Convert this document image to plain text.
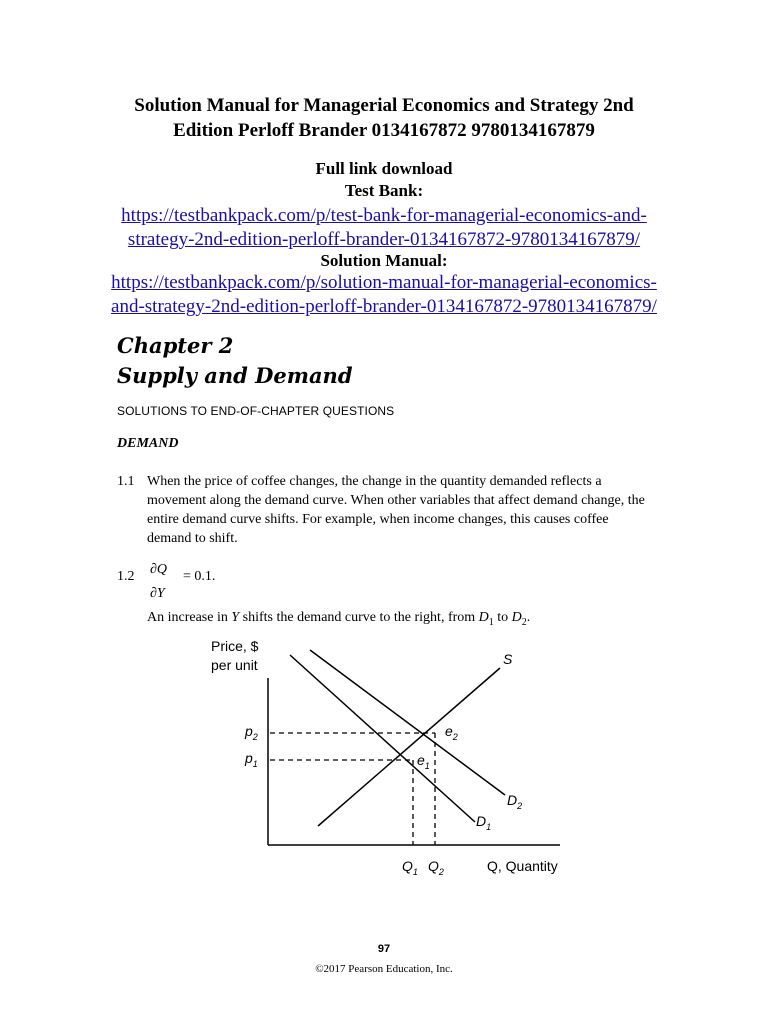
Solution Manual for Managerial Economics and Strategy 2nd
Edition Perloff Brander 0134167872 9780134167879
Full link download
Test Bank:
https://testbankpack.com/p/test-bank-for-managerial-economics-and-
strategy-2nd-edition-perloff-brander-0134167872-9780134167879/
Solution Manual:
https://testbankpack.com/p/solution-manual-for-managerial-economics-
and-strategy-2nd-edition-perloff-brander-0134167872-9780134167879/
Chapter 2
Supply and Demand
SOLUTIONS TO END-OF-CHAPTER QUESTIONS
DEMAND
1.1 When the price of coffee changes, the change in the quantity demanded reflects a movement along the demand curve. When other variables that affect demand change, the entire demand curve shifts. For example, when income changes, this causes coffee demand to shift.
1.2 ∂Q
∂Y
= 0.1.
An increase in Y shifts the demand curve to the right, from $D_1$ to $D_2$.
Price, $
per unit	S
$p_2$
$p_1$
$e_2$
$e_1$
$D_2$
$D_1$
$Q_1$ $Q_2$	Q, Quantity
97
©2017 Pearson Education, Inc.
